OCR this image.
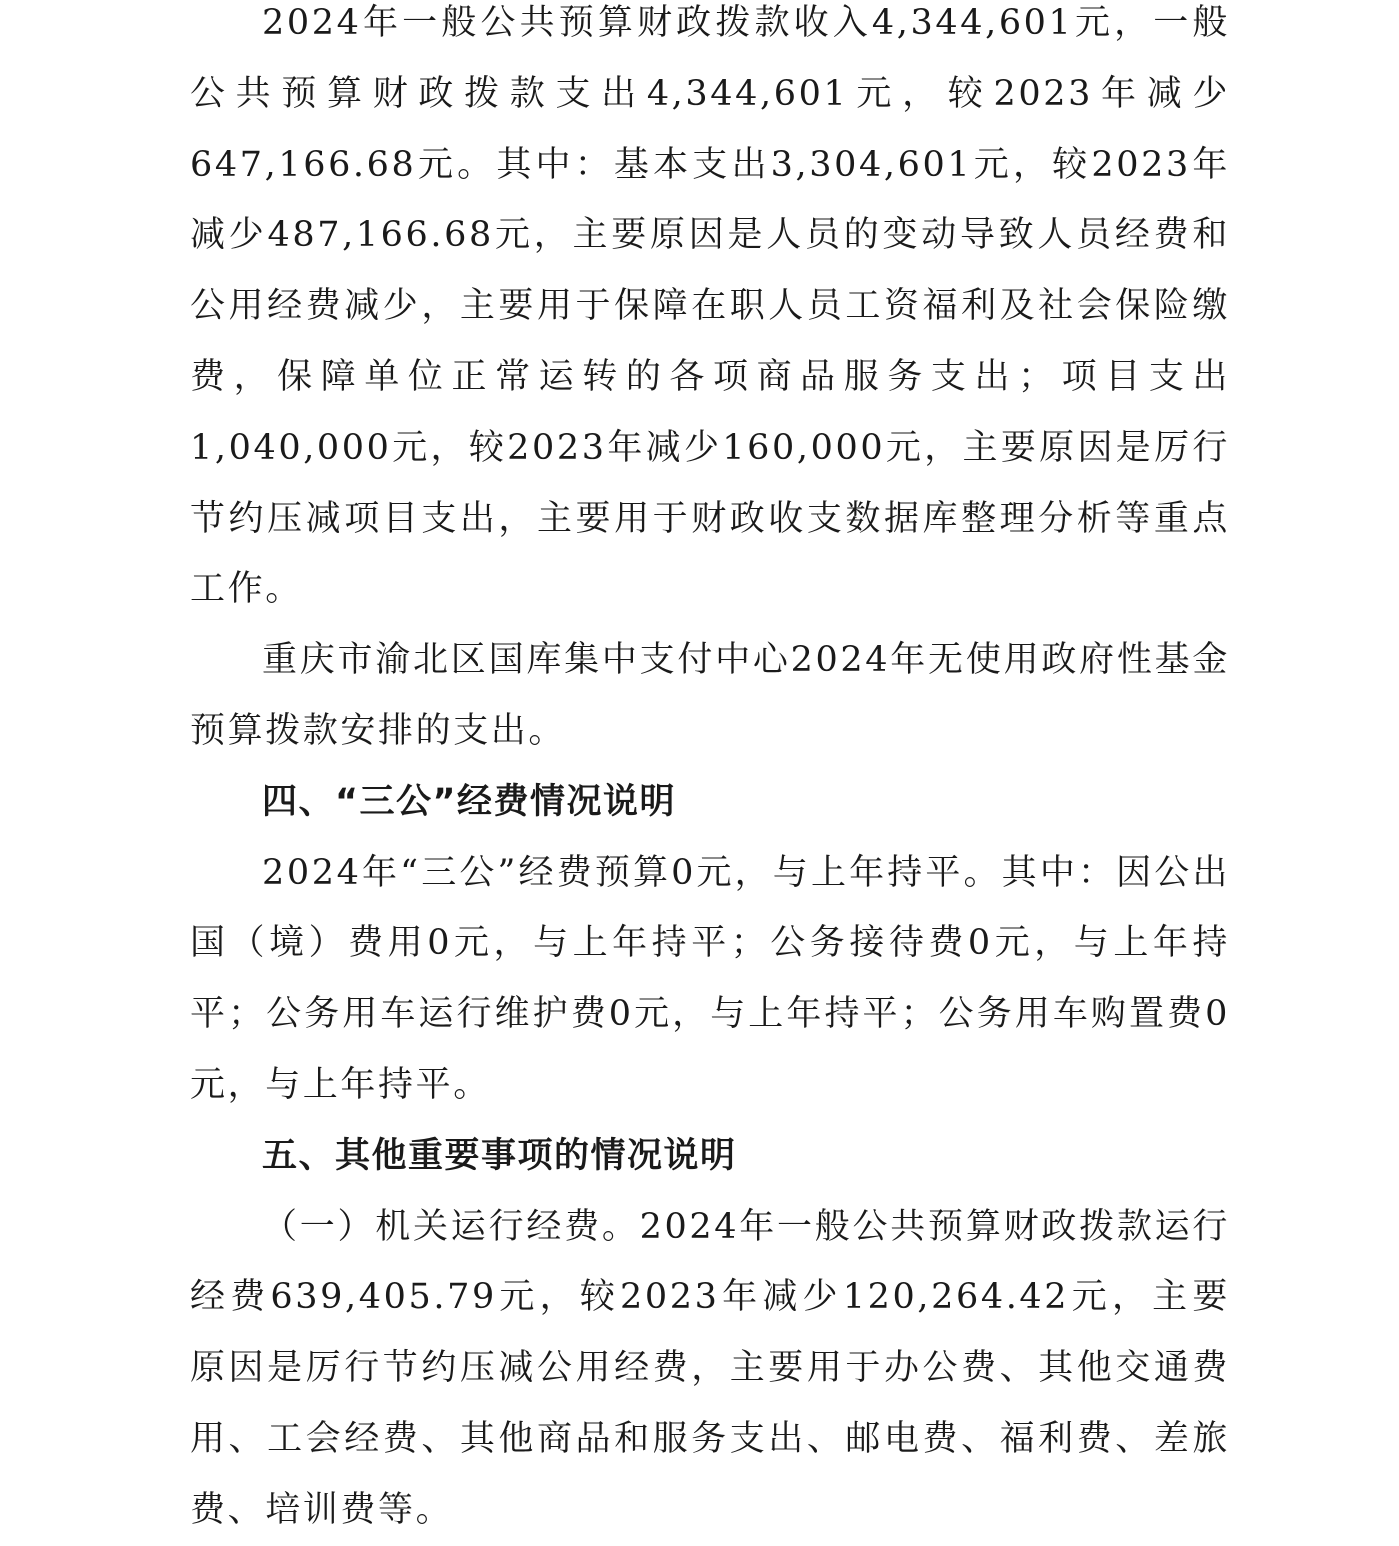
2024年一般公共预算财政拨款收入4,344,601元，一般公共预算财政拨款支出4,344,601元，较2023年减少647,166.68元。其中：基本支出3,304,601元，较2023年减少487,166.68元，主要原因是人员的变动导致人员经费和公用经费减少，主要用于保障在职人员工资福利及社会保险缴费，保障单位正常运转的各项商品服务支出；项目支出1,040,000元，较2023年减少160,000元，主要原因是厉行节约压减项目支出，主要用于财政收支数据库整理分析等重点工作。

重庆市渝北区国库集中支付中心2024年无使用政府性基金预算拨款安排的支出。

四、“三公”经费情况说明

2024年“三公”经费预算0元，与上年持平。其中：因公出国（境）费用0元，与上年持平；公务接待费0元，与上年持平；公务用车运行维护费0元，与上年持平；公务用车购置费0元，与上年持平。

五、其他重要事项的情况说明

（一）机关运行经费。2024年一般公共预算财政拨款运行经费639,405.79元，较2023年减少120,264.42元，主要原因是厉行节约压减公用经费，主要用于办公费、其他交通费用、工会经费、其他商品和服务支出、邮电费、福利费、差旅费、培训费等。
